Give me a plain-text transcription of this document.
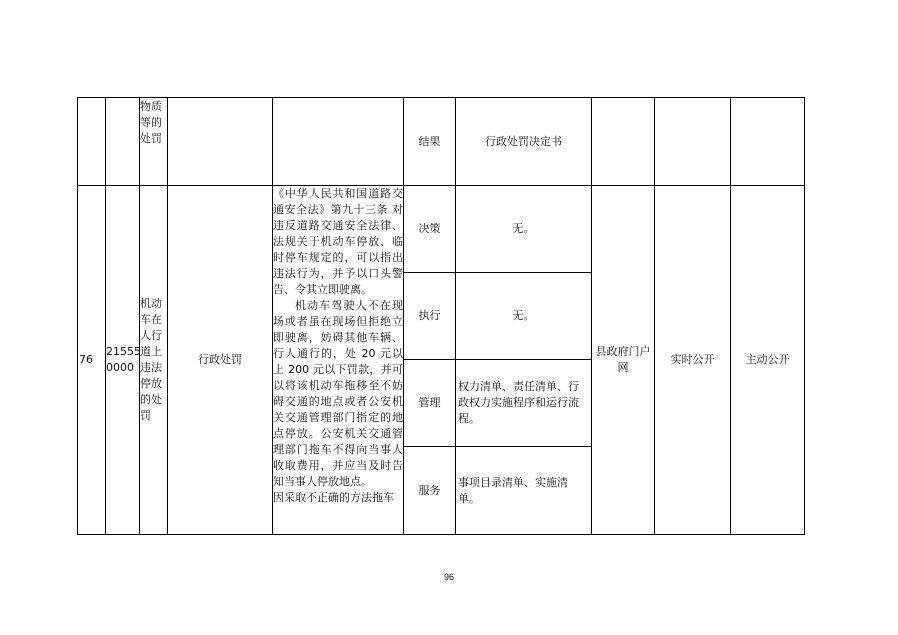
		物质等的处罚			结果	行政处罚决定书			
76	21555 0000	机动车在人行道上违法停放的处罚	行政处罚	《中华人民共和国道路交通安全法》第九十三条 对违反道路交通安全法律、法规关于机动车停放、临时停车规定的，可以指出违法行为，并予以口头警告、令其立即驶离。

机动车驾驶人不在现场或者虽在现场但拒绝立即驶离，妨碍其他车辆、行人通行的，处 20 元以上 200 元以下罚款，并可以将该机动车拖移至不妨碍交通的地点或者公安机关交通管理部门指定的地点停放。公安机关交通管理部门拖车不得向当事人收取费用，并应当及时告知当事人停放地点。

因采取不正确的方法拖车	决策	无。	县政府门户网	实时公开	主动公开
					执行	无。			
					管理	权力清单、责任清单、行政权力实施程序和运行流程。			
					服务	事项目录清单、实施清单。			
96
